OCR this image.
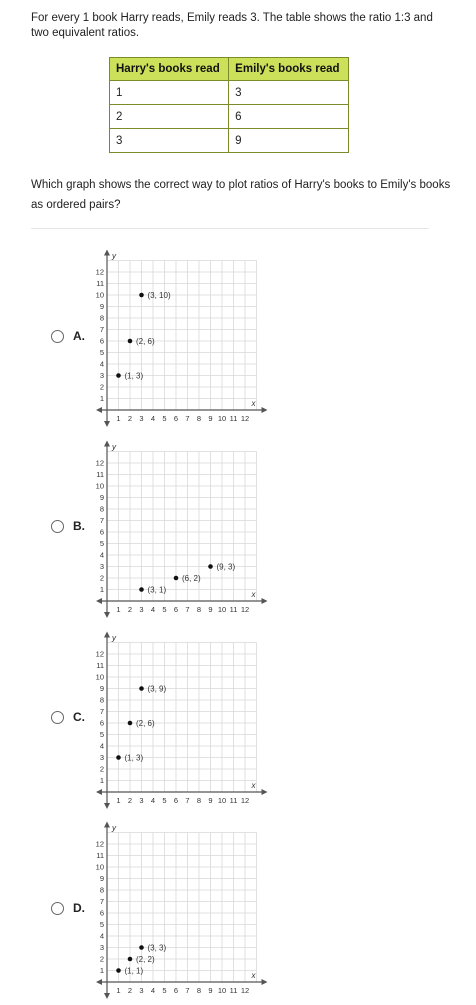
For every 1 book Harry reads, Emily reads 3. The table shows the ratio 1:3 and two equivalent ratios.
Harry's books read	Emily's books read
1	3
2	6
3	9
Which graph shows the correct way to plot ratios of Harry's books to Emily's books as ordered pairs?
A.
1 2 3 4 5 6 7 8 9 10 11 12
1
2
3
4
5
6
7
8
9
10
11
12
x
y
(1, 3)
(2, 6)
(3, 10)
B.
1 2 3 4 5 6 7 8 9 10 11 12
1
2
3
4
5
6
7
8
9
10
11
12
x
y
(3, 1)
(6, 2)
(9, 3)
C.
1 2 3 4 5 6 7 8 9 10 11 12
1
2
3
4
5
6
7
8
9
10
11
12
x
y
(1, 3)
(2, 6)
(3, 9)
D.
1 2 3 4 5 6 7 8 9 10 11 12
1
2
3
4
5
6
7
8
9
10
11
12
x
y
(1, 1)
(2, 2)
(3, 3)
